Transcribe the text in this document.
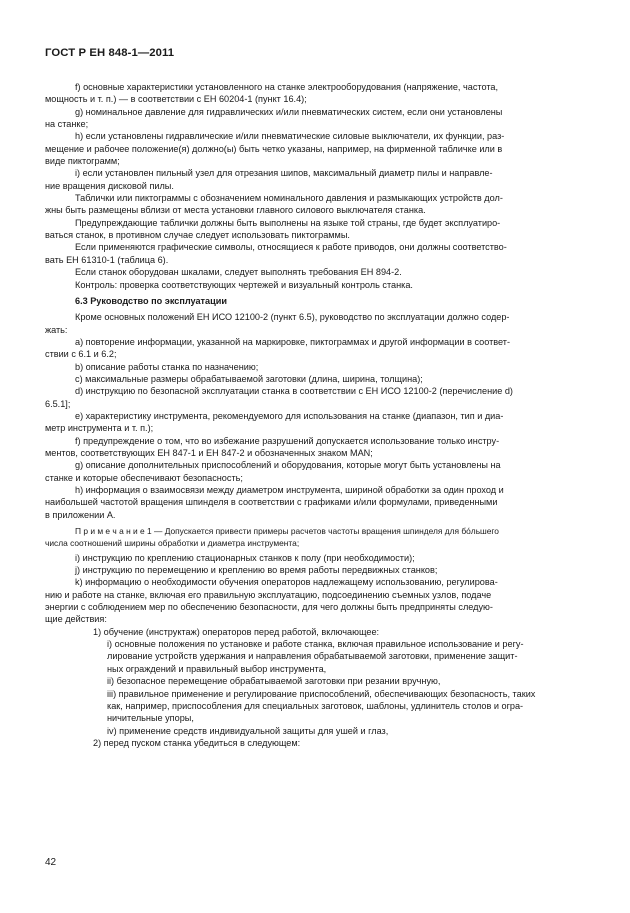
ГОСТ Р ЕН 848-1—2011
f) основные характеристики установленного на станке электрооборудования (напряжение, частота,
мощность и т. п.) — в соответствии с ЕН 60204-1 (пункт 16.4);
g) номинальное давление для гидравлических и/или пневматических систем, если они установлены
на станке;
h) если установлены гидравлические и/или пневматические силовые выключатели, их функции, раз-
мещение и рабочее положение(я) должно(ы) быть четко указаны, например, на фирменной табличке или в
виде пиктограмм;
i) если установлен пильный узел для отрезания шипов, максимальный диаметр пилы и направле-
ние вращения дисковой пилы.
Таблички или пиктограммы с обозначением номинального давления и размыкающих устройств дол-
жны быть размещены вблизи от места установки главного силового выключателя станка.
Предупреждающие таблички должны быть выполнены на языке той страны, где будет эксплуатиро-
ваться станок, в противном случае следует использовать пиктограммы.
Если применяются графические символы, относящиеся к работе приводов, они должны соответство-
вать ЕН 61310-1 (таблица 6).
Если станок оборудован шкалами, следует выполнять требования ЕН 894-2.
Контроль: проверка соответствующих чертежей и визуальный контроль станка.
6.3 Руководство по эксплуатации
Кроме основных положений ЕН ИСО 12100-2 (пункт 6.5), руководство по эксплуатации должно содер-
жать:
a) повторение информации, указанной на маркировке, пиктограммах и другой информации в соответ-
ствии с 6.1 и 6.2;
b) описание работы станка по назначению;
c) максимальные размеры обрабатываемой заготовки (длина, ширина, толщина);
d) инструкцию по безопасной эксплуатации станка в соответствии с ЕН ИСО 12100-2 (перечисление d)
6.5.1];
e) характеристику инструмента, рекомендуемого для использования на станке (диапазон, тип и диа-
метр инструмента и т. п.);
f) предупреждение о том, что во избежание разрушений допускается использование только инстру-
ментов, соответствующих ЕН 847-1 и ЕН 847-2 и обозначенных знаком MAN;
g) описание дополнительных приспособлений и оборудования, которые могут быть установлены на
станке и которые обеспечивают безопасность;
h) информация о взаимосвязи между диаметром инструмента, шириной обработки за один проход и
наибольшей частотой вращения шпинделя в соответствии с графиками и/или формулами, приведенными
в приложении А.
П р и м е ч а н и е 1 — Допускается привести примеры расчетов частоты вращения шпинделя для бо́льшего
числа соотношений ширины обработки и диаметра инструмента;
i) инструкцию по креплению стационарных станков к полу (при необходимости);
j) инструкцию по перемещению и креплению во время работы передвижных станков;
k) информацию о необходимости обучения операторов надлежащему использованию, регулирова-
нию и работе на станке, включая его правильную эксплуатацию, подсоединению съемных узлов, подаче
энергии с соблюдением мер по обеспечению безопасности, для чего должны быть предприняты следую-
щие действия:
1) обучение (инструктаж) операторов перед работой, включающее:
i) основные положения по установке и работе станка, включая правильное использование и регу-
лирование устройств удержания и направления обрабатываемой заготовки, применение защит-
ных ограждений и правильный выбор инструмента,
ii) безопасное перемещение обрабатываемой заготовки при резании вручную,
iii) правильное применение и регулирование приспособлений, обеспечивающих безопасность, таких
как, например, приспособления для специальных заготовок, шаблоны, удлинитель столов и огра-
ничительные упоры,
iv) применение средств индивидуальной защиты для ушей и глаз,
2) перед пуском станка убедиться в следующем:
42
